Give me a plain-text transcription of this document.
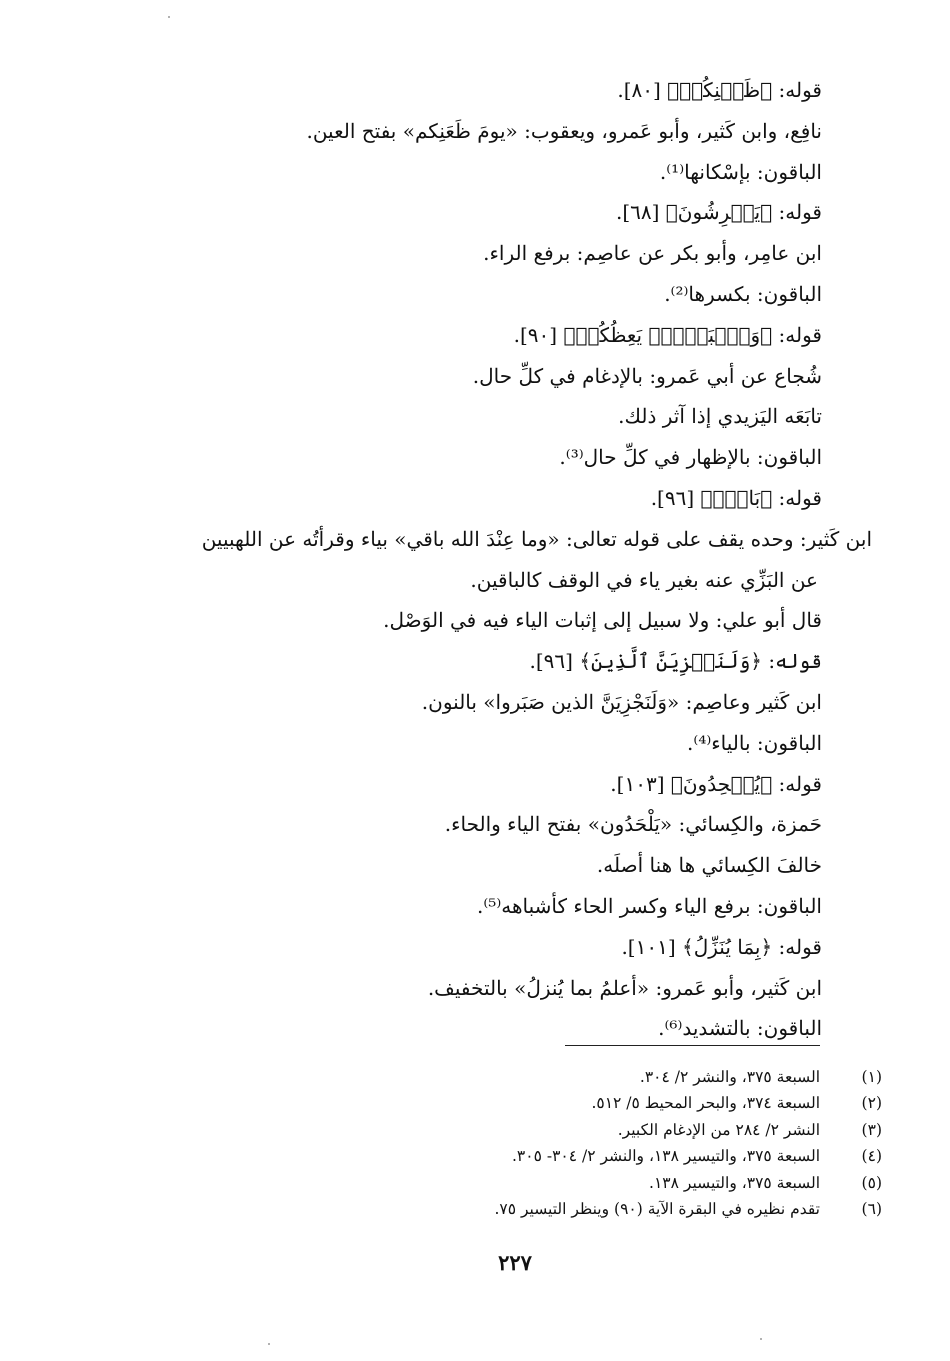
قوله: ﴿ظَعۡنِكُمۡ﴾ [٨٠].
نافِع، وابن كَثير، وأبو عَمرو، ويعقوب: «يومَ ظَعَنِكم» بفتح العين.
الباقون: بإسْكانها⁽¹⁾.
قوله: ﴿يَعۡرِشُونَ﴾ [٦٨].
ابن عامِر، وأبو بكر عن عاصِم: برفع الراء.
الباقون: بكسرها⁽²⁾.
قوله: ﴿وَٱلۡبَغۡيِۚ يَعِظُكُمۡ﴾ [٩٠].
شُجاع عن أبي عَمرو: بالإدغام في كلِّ حال.
تابَعَه اليَزيدي إذا آثر ذلك.
الباقون: بالإظهار في كلِّ حال⁽³⁾.
قوله: ﴿بَاقٖۗ﴾ [٩٦].
ابن كَثير: وحده يقف على قوله تعالى: «وما عِنْدَ الله باقي» بياء وقرأتُه عن اللهبيين
عن البَزِّي عنه بغير ياء في الوقف كالباقين.
قال أبو علي: ولا سبيل إلى إثبات الياء فيه في الوَصْل.
قوله: ﴿وَلَنَجۡزِيَنَّ ٱلَّذِينَ﴾ [٩٦].
ابن كَثير وعاصِم: «وَلَنَجْزِيَنَّ الذين صَبَروا» بالنون.
الباقون: بالياء⁽⁴⁾.
قوله: ﴿يُلۡحِدُونَ﴾ [١٠٣].
حَمزة، والكِسائي: «يَلْحَدُون» بفتح الياء والحاء.
خالفَ الكِسائي ها هنا أصلَه.
الباقون: برفع الياء وكسر الحاء كأشباهه⁽⁵⁾.
قوله: ﴿بِمَا يُنَزِّلُ﴾ [١٠١].
ابن كَثير، وأبو عَمرو: «أعلمُ بما يُنزلُ» بالتخفيف.
الباقون: بالتشديد⁽⁶⁾.
(١)
السبعة ٣٧٥، والنشر ٢/ ٣٠٤.
(٢)
السبعة ٣٧٤، والبحر المحيط ٥/ ٥١٢.
(٣)
النشر ٢/ ٢٨٤ من الإدغام الكبير.
(٤)
السبعة ٣٧٥، والتيسير ١٣٨، والنشر ٢/ ٣٠٤- ٣٠٥.
(٥)
السبعة ٣٧٥، والتيسير ١٣٨.
(٦)
تقدم نظيره في البقرة الآية (٩٠) وينظر التيسير ٧٥.
٢٢٧
